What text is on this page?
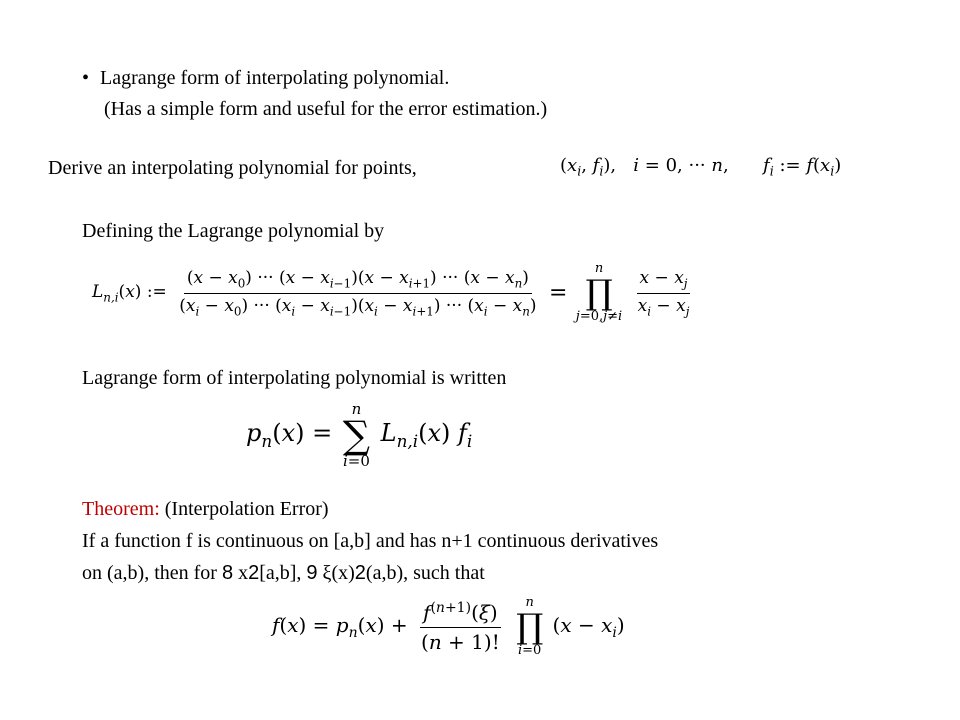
• Lagrange form of interpolating polynomial.
(Has a simple form and useful for the error estimation.)
Derive an interpolating polynomial for points,	($x_i$, $f_i$), i = 0, ··· n,      $f_i$ := $f(x_i)$
Defining the Lagrange polynomial by
$L_{n,i}(x)$ := $\frac{(x - x_0) \cdot\cdot\cdot (x - x_{i-1})(x - x_{i+1}) \cdot\cdot\cdot (x - x_n)}{(x_i - x_0) \cdot\cdot\cdot (x_i - x_{i-1})(x_i - x_{i+1}) \cdot\cdot\cdot (x_i - x_n)}$ =
n
∏
j=0,j≠i
$\frac{x - x_j}{x_i - x_j}$
Lagrange form of interpolating polynomial is written
$p_n(x)$ =
n
∑
i=0
$L_{n,i}(x)$ $f_i$
Theorem: (Interpolation Error)
If a function f is continuous on [a,b] and has n+1 continuous derivatives
on (a,b), then for 8 x2[a,b], 9 ξ(x)2(a,b), such that
$f(x) = p_n(x) + \frac{f^{(n+1)}(\xi)}{(n + 1)!}$
n
∏
i=0
$(x - x_i)$
